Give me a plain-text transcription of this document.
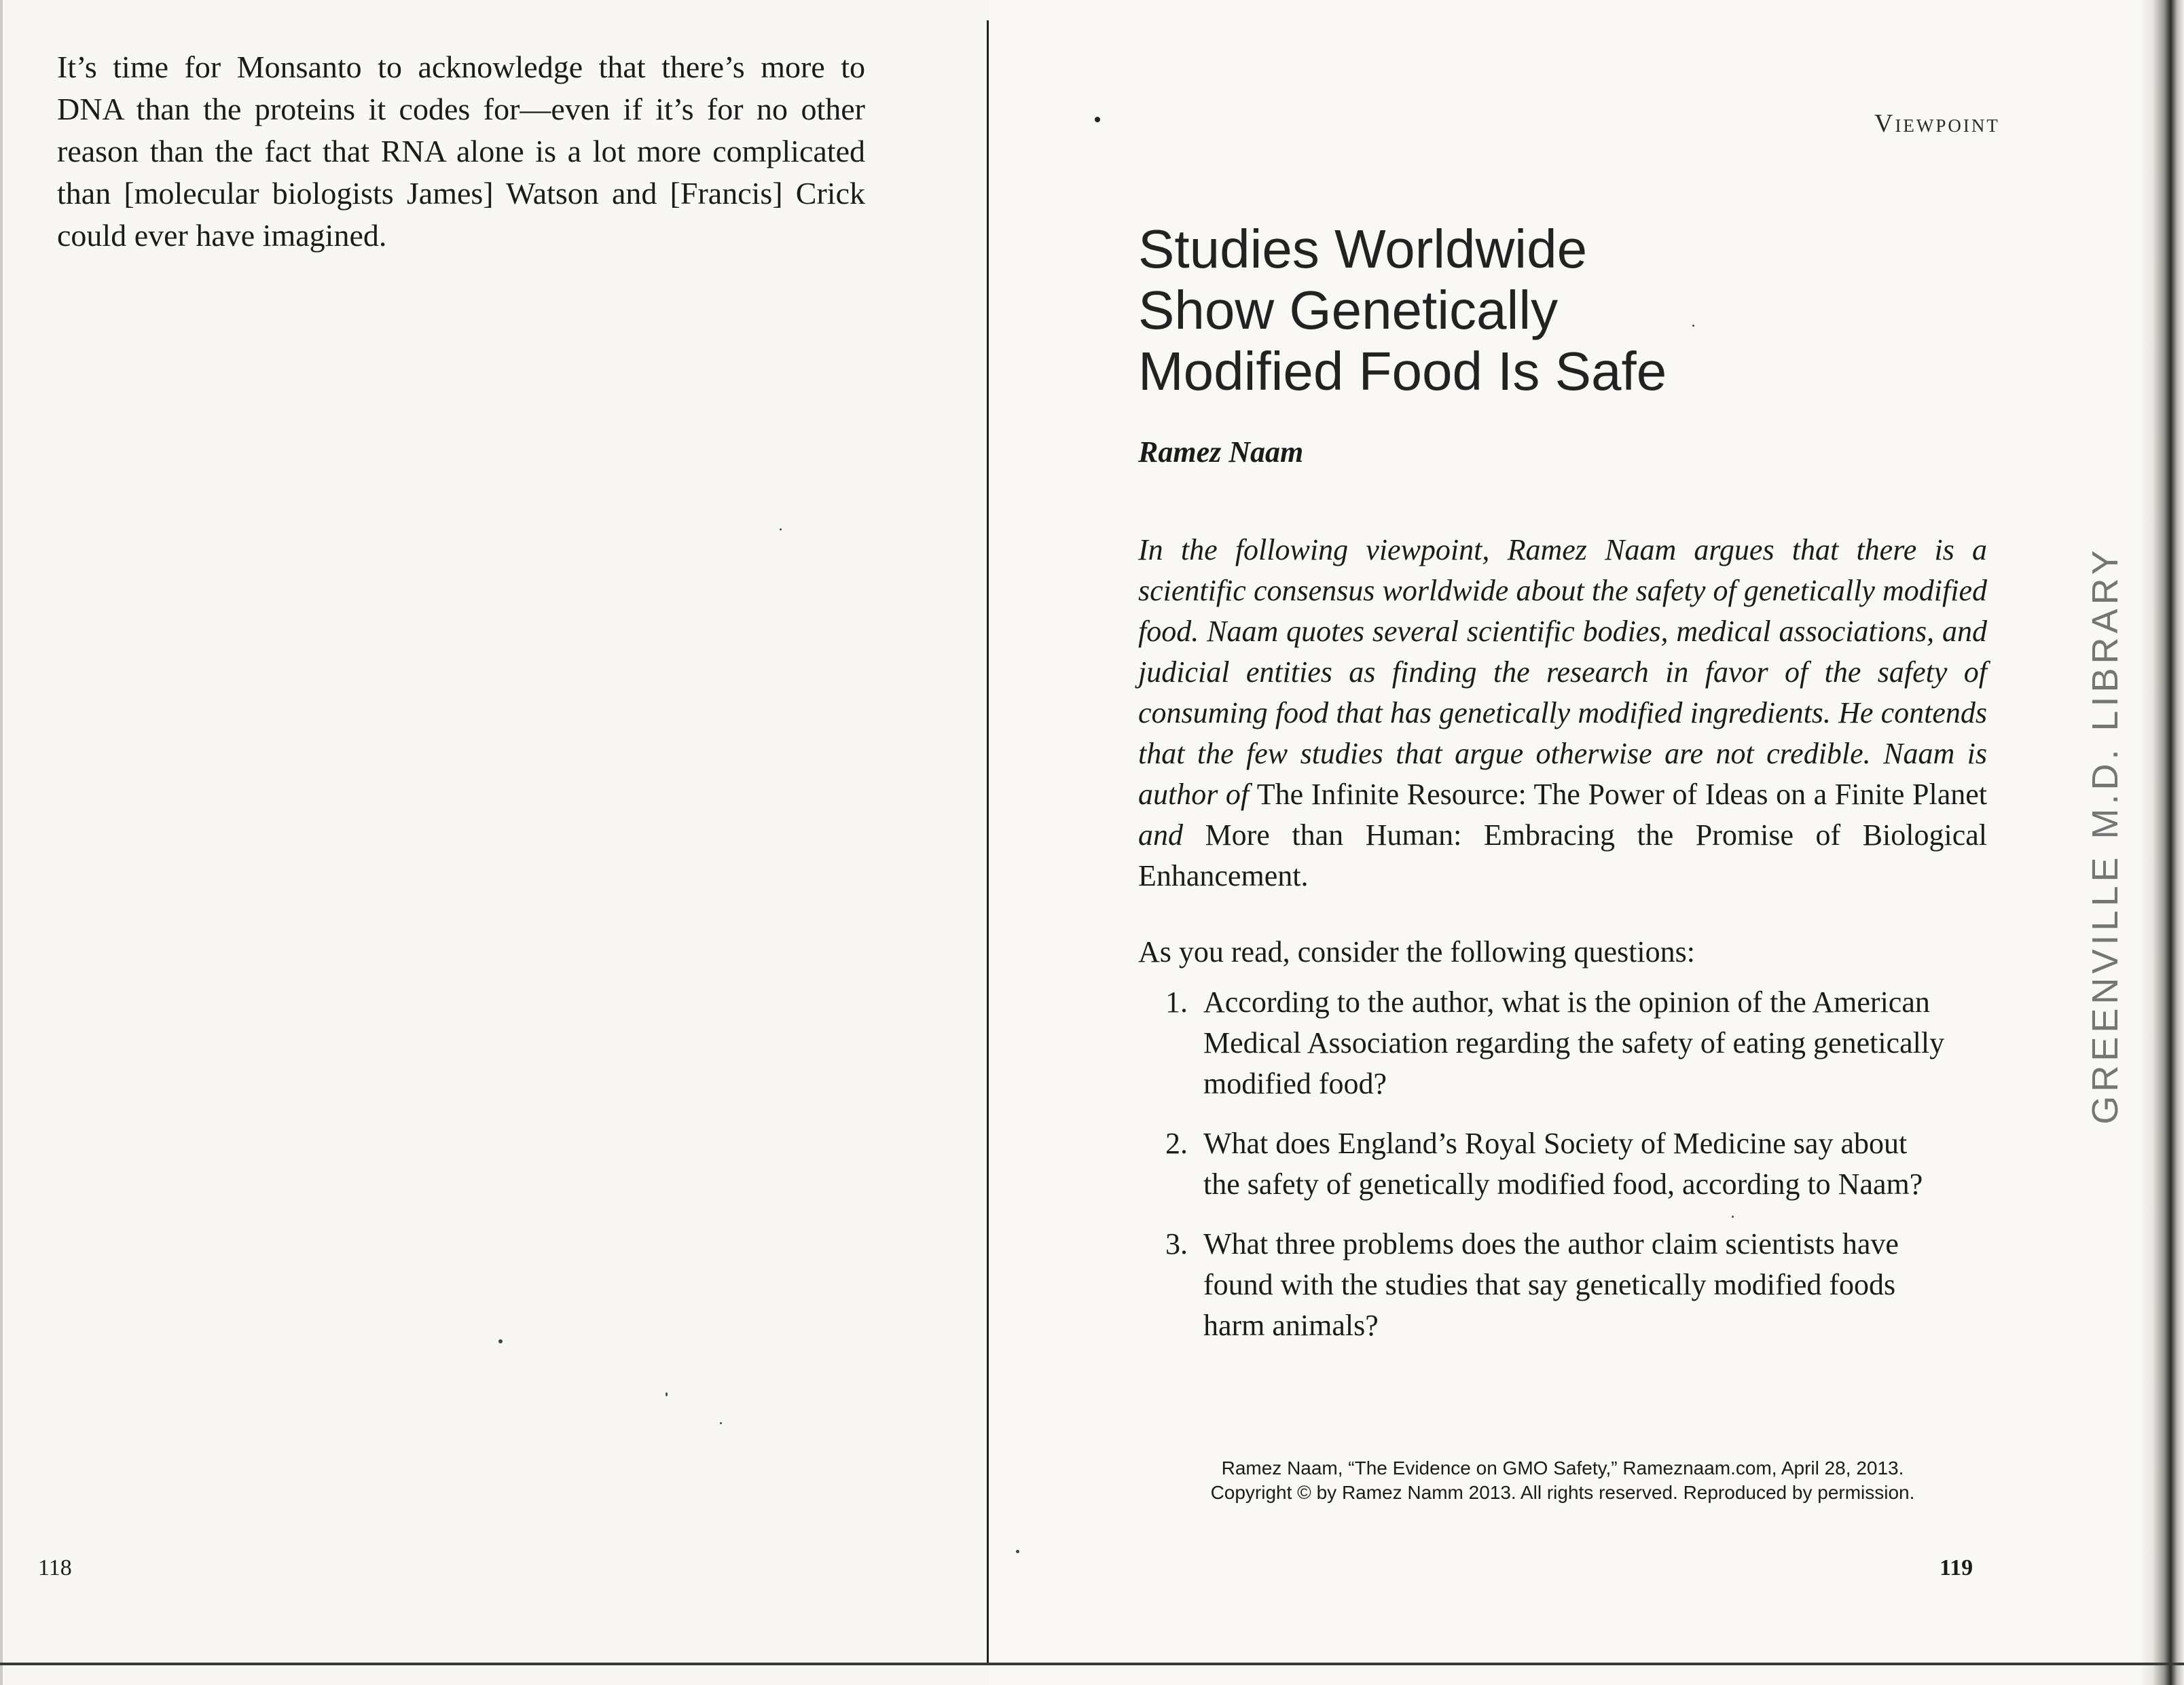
It’s time for Monsanto to acknowledge that there’s more to DNA than the proteins it codes for—even if it’s for no other reason than the fact that RNA alone is a lot more complicated than [molecular biologists James] Watson and [Francis] Crick could ever have imagined.

118
Viewpoint
Studies Worldwide
Show Genetically
Modified Food Is Safe
Ramez Naam

In the following viewpoint, Ramez Naam argues that there is a scientific consensus worldwide about the safety of genetically modified food. Naam quotes several scientific bodies, medical associations, and judicial entities as finding the research in favor of the safety of consuming food that has genetically modified ingredients. He contends that the few studies that argue otherwise are not credible. Naam is author of The Infinite Resource: The Power of Ideas on a Finite Planet and More than Human: Embracing the Promise of Biological Enhancement.

As you read, consider the following questions:
1. According to the author, what is the opinion of the American Medical Association regarding the safety of eating genetically modified food?
2. What does England’s Royal Society of Medicine say about the safety of genetically modified food, according to Naam?
3. What three problems does the author claim scientists have found with the studies that say genetically modified foods harm animals?

Ramez Naam, “The Evidence on GMO Safety,” Rameznaam.com, April 28, 2013.
Copyright © by Ramez Namm 2013. All rights reserved. Reproduced by permission.

119
GREENVILLE M.D. LIBRARY
